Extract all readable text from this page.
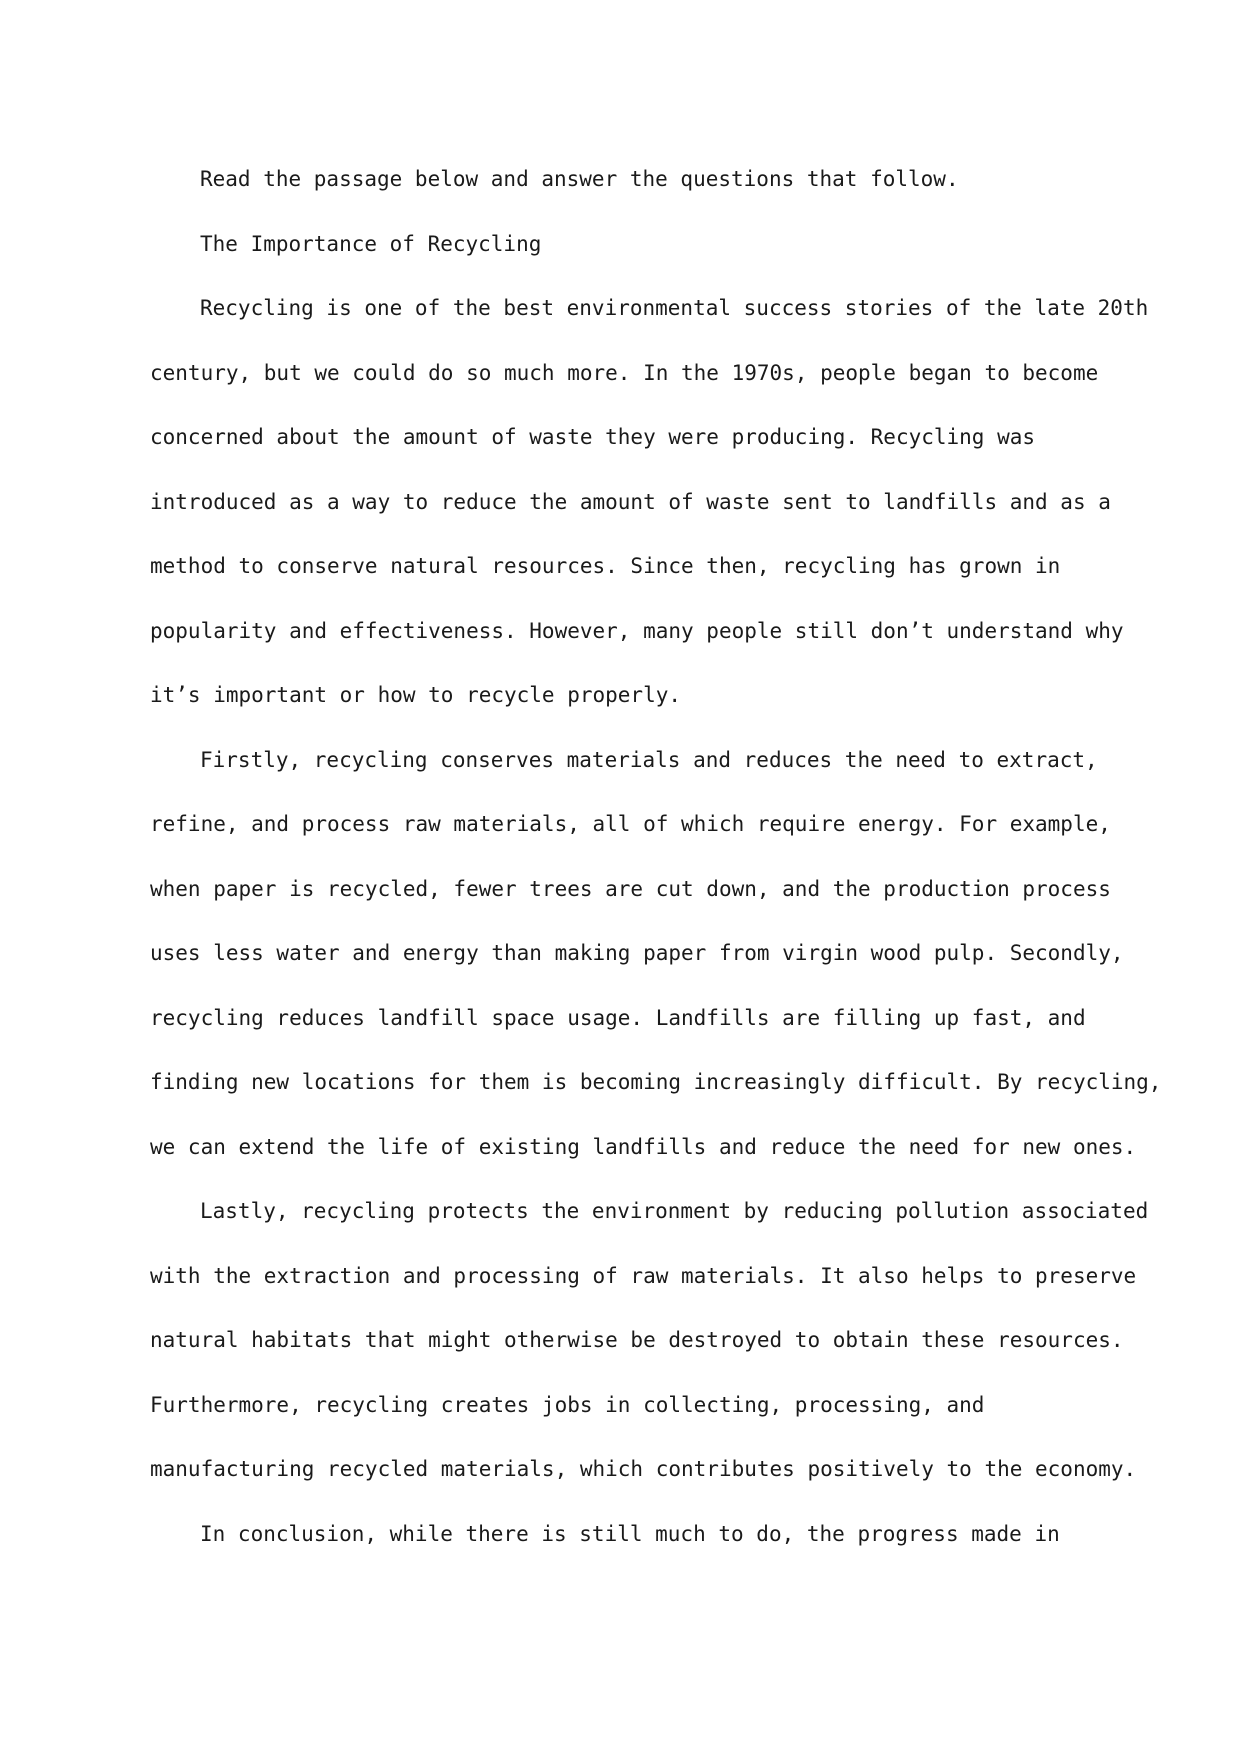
Read the passage below and answer the questions that follow.
The Importance of Recycling
Recycling is one of the best environmental success stories of the late 20th
century, but we could do so much more. In the 1970s, people began to become
concerned about the amount of waste they were producing. Recycling was
introduced as a way to reduce the amount of waste sent to landfills and as a
method to conserve natural resources. Since then, recycling has grown in
popularity and effectiveness. However, many people still don’t understand why
it’s important or how to recycle properly.
Firstly, recycling conserves materials and reduces the need to extract,
refine, and process raw materials, all of which require energy. For example,
when paper is recycled, fewer trees are cut down, and the production process
uses less water and energy than making paper from virgin wood pulp. Secondly,
recycling reduces landfill space usage. Landfills are filling up fast, and
finding new locations for them is becoming increasingly difficult. By recycling,
we can extend the life of existing landfills and reduce the need for new ones.
Lastly, recycling protects the environment by reducing pollution associated
with the extraction and processing of raw materials. It also helps to preserve
natural habitats that might otherwise be destroyed to obtain these resources.
Furthermore, recycling creates jobs in collecting, processing, and
manufacturing recycled materials, which contributes positively to the economy.
In conclusion, while there is still much to do, the progress made in
